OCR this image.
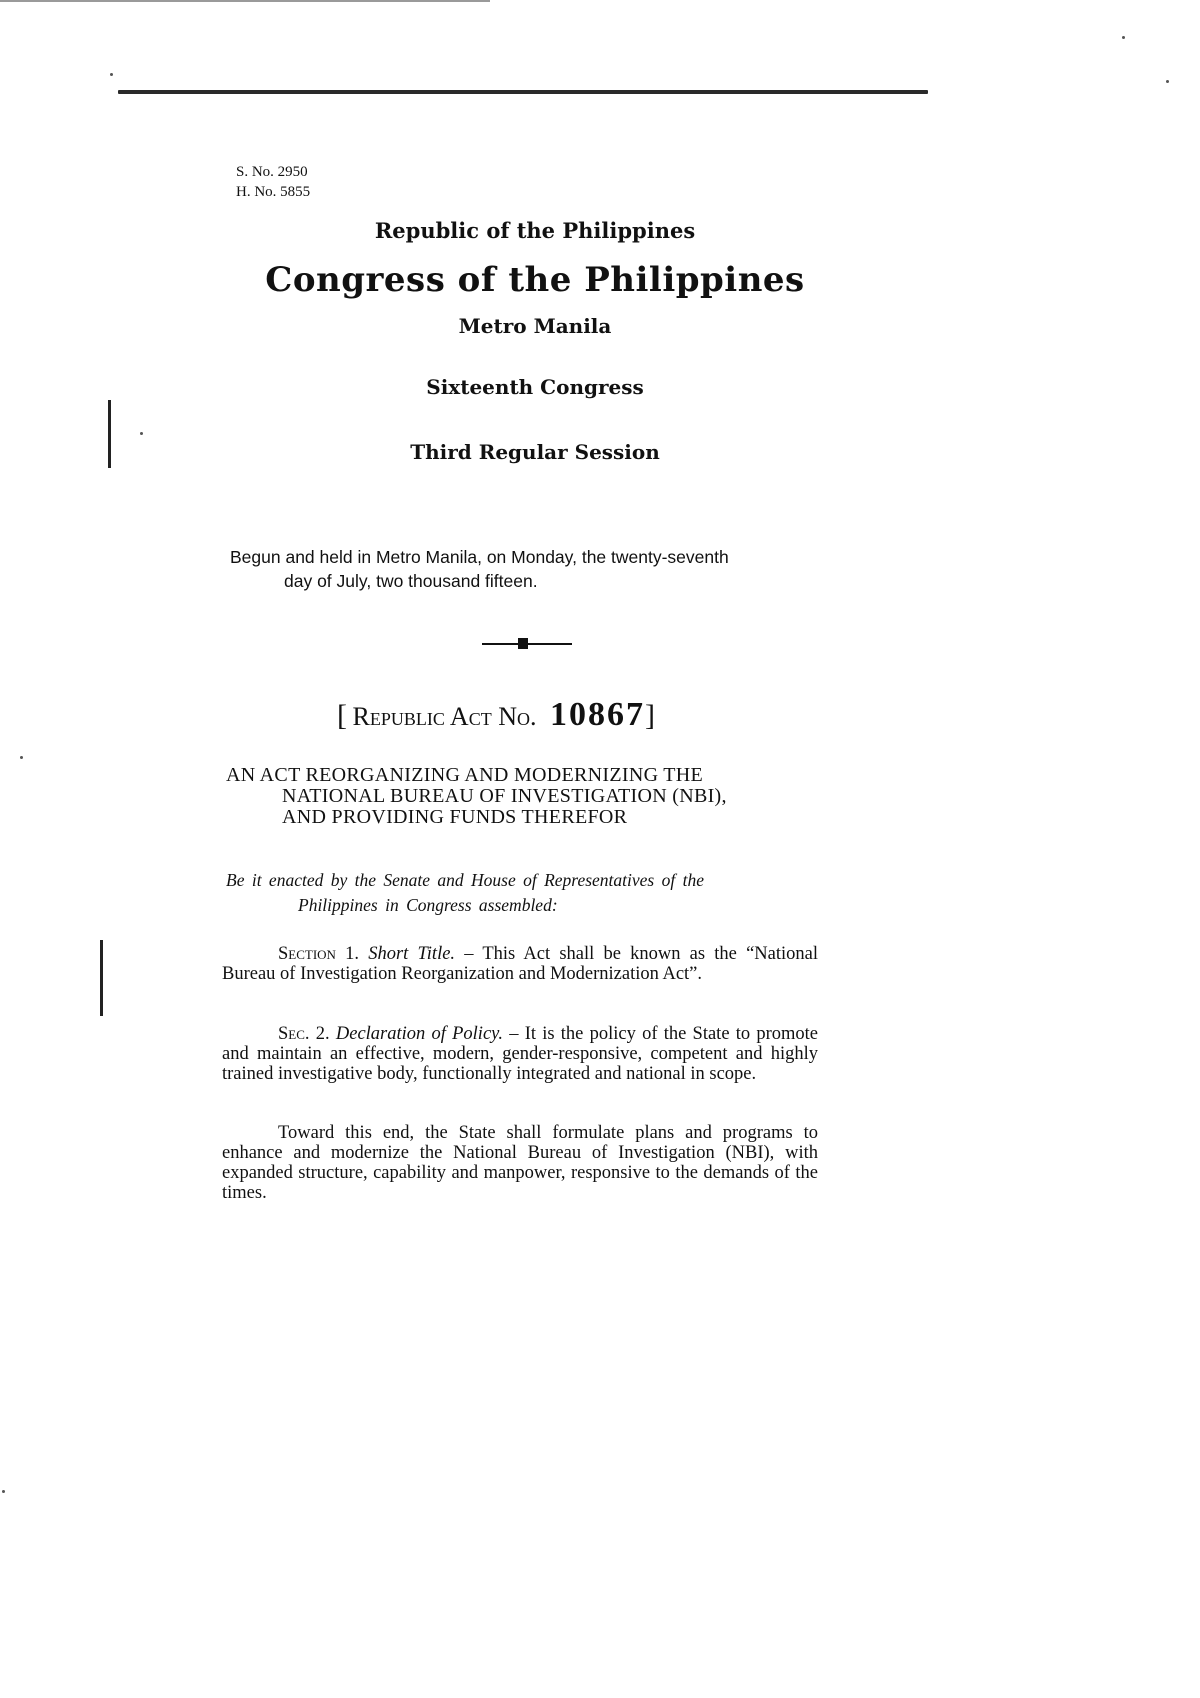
S. No. 2950
H. No. 5855
Republic of the Philippines
Congress of the Philippines
Metro Manila
Sixteenth Congress
Third Regular Session
Begun and held in Metro Manila, on Monday, the twenty-seventh
day of July, two thousand fifteen.
[ Republic Act No. 10867]
AN ACT REORGANIZING AND MODERNIZING THE
NATIONAL BUREAU OF INVESTIGATION (NBI),
AND PROVIDING FUNDS THEREFOR
Be it enacted by the Senate and House of Representatives of the
Philippines in Congress assembled:
Section 1. Short Title. – This Act shall be known as the “National Bureau of Investigation Reorganization and Modernization Act”.
Sec. 2. Declaration of Policy. – It is the policy of the State to promote and maintain an effective, modern, gender-responsive, competent and highly trained investigative body, functionally integrated and national in scope.
Toward this end, the State shall formulate plans and programs to enhance and modernize the National Bureau of Investigation (NBI), with expanded structure, capability and manpower, responsive to the demands of the times.
